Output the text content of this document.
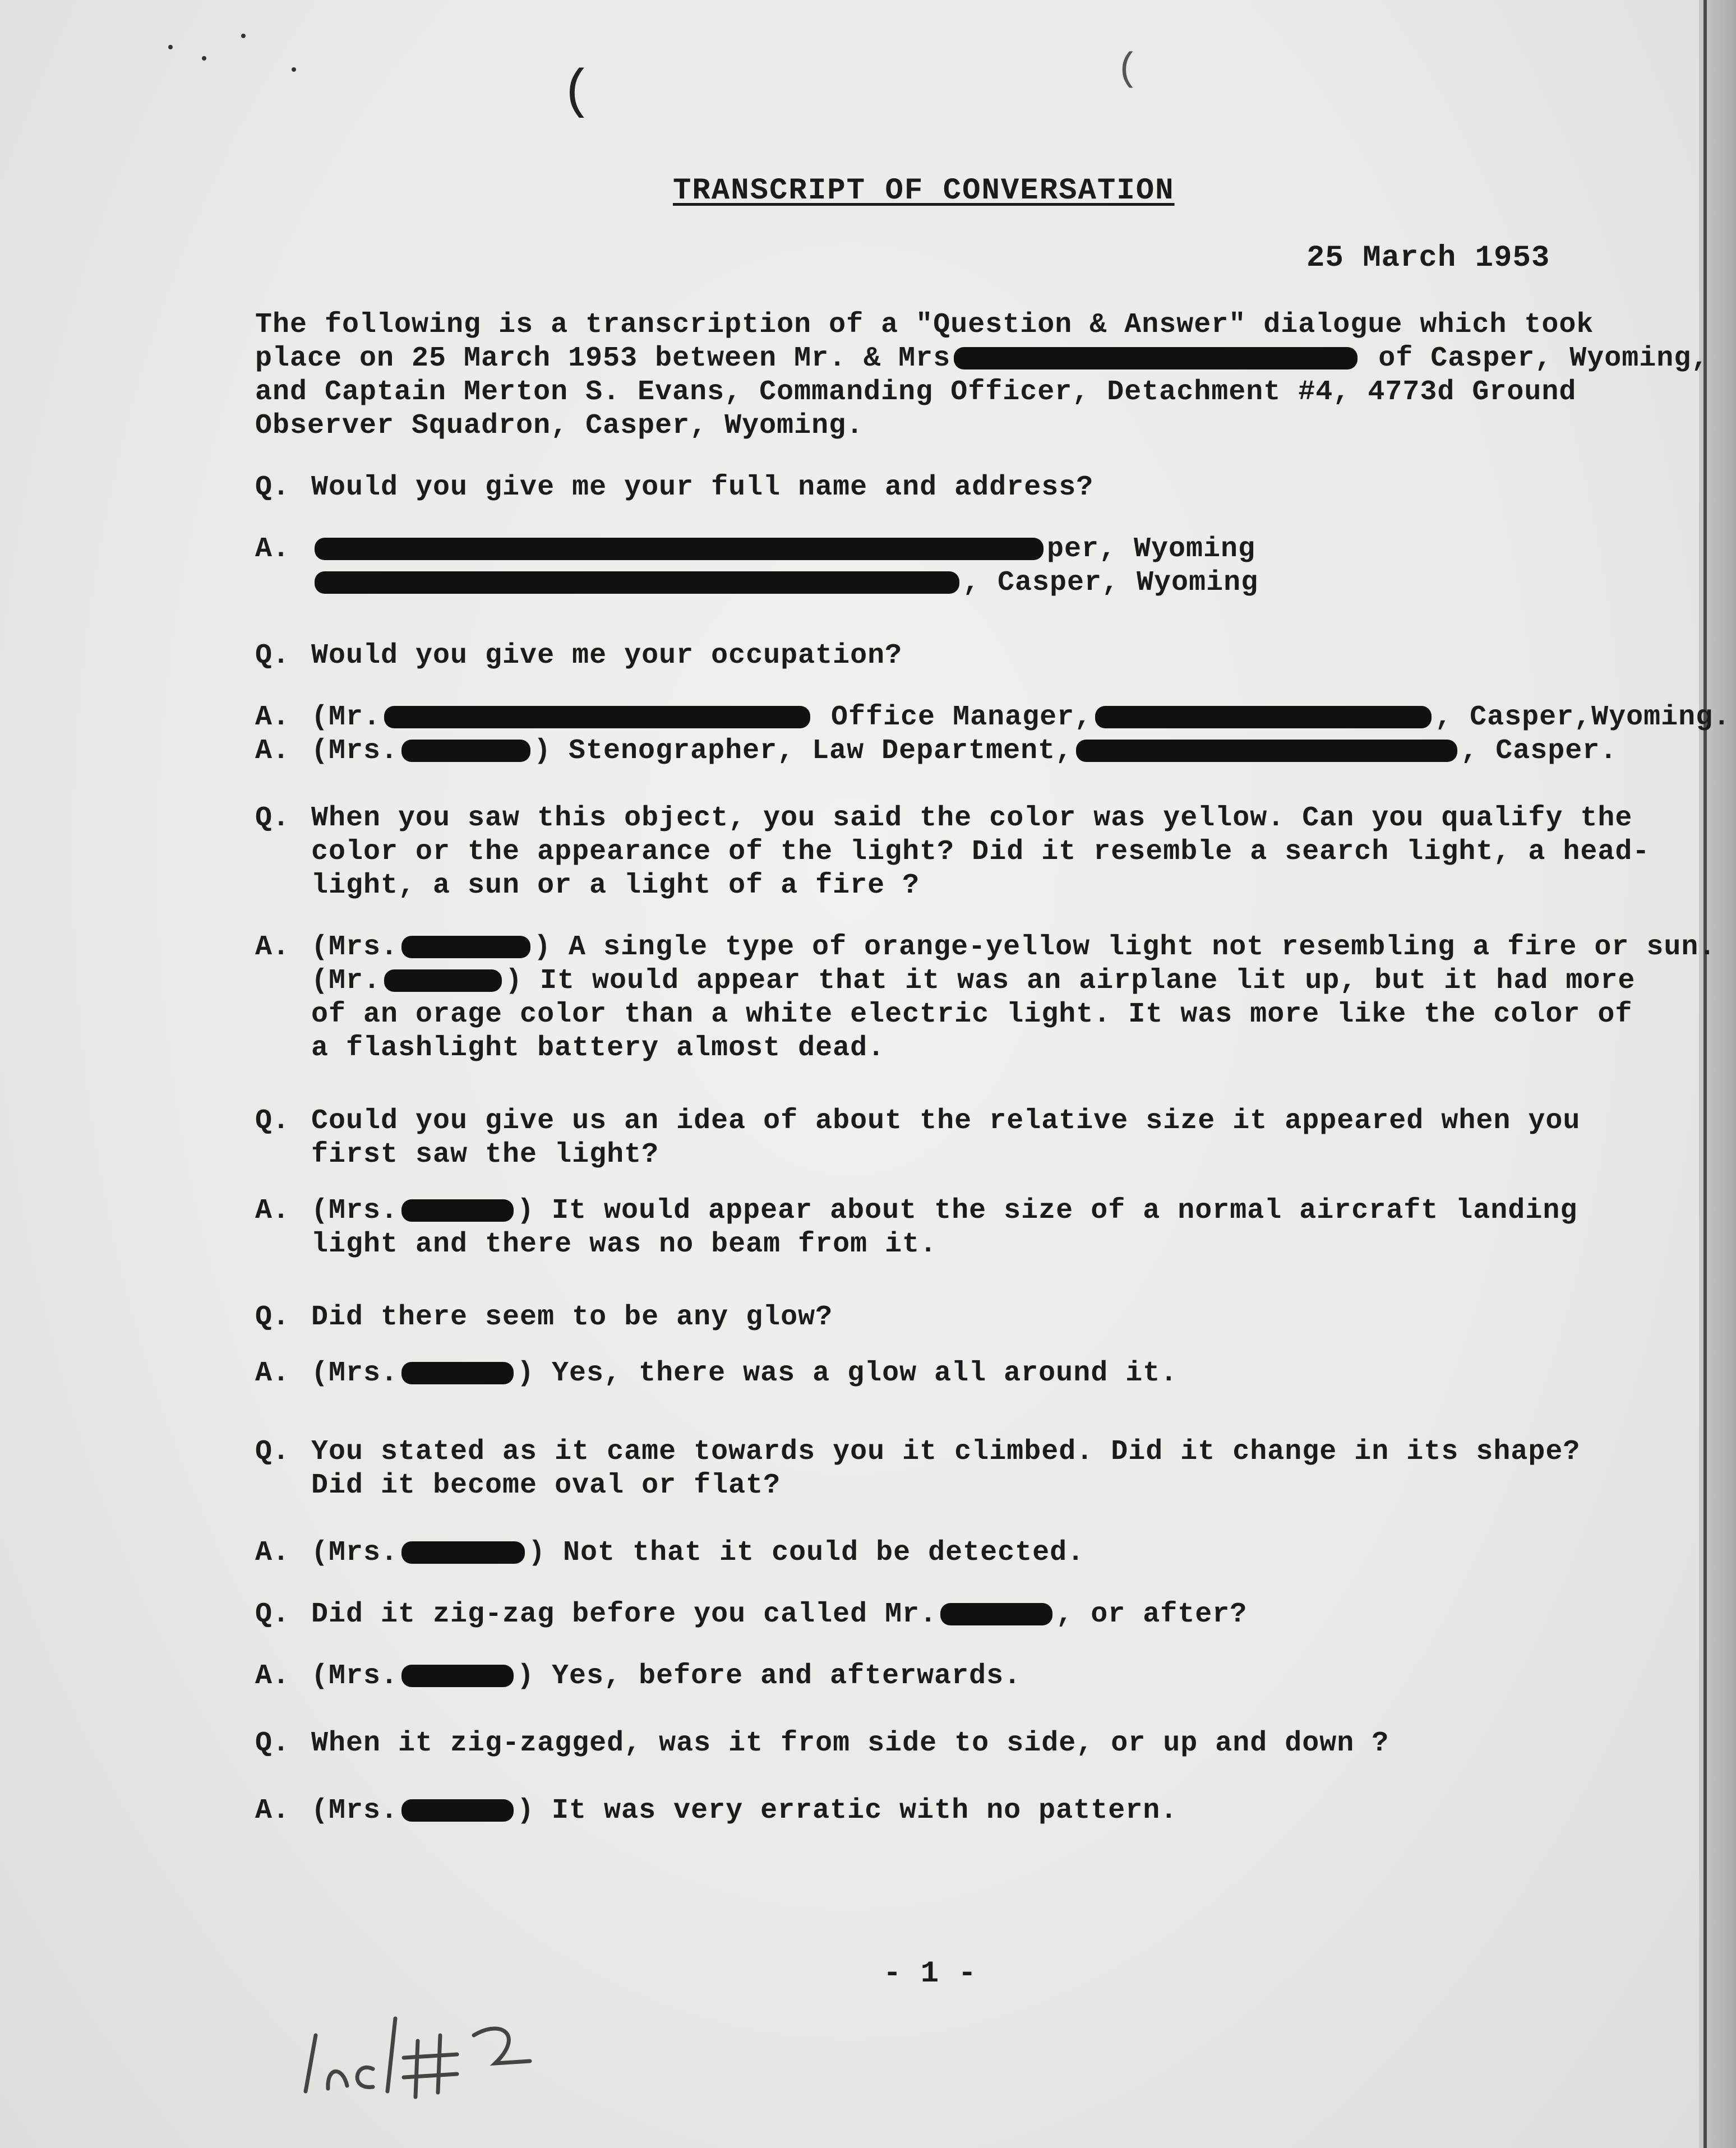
(	(
TRANSCRIPT OF CONVERSATION
25 March 1953
The following is a transcription of a "Question & Answer" dialogue which took
place on 25 March 1953 between Mr. & Mrs	of Casper, Wyoming,
and Captain Merton S. Evans, Commanding Officer, Detachment #4, 4773d Ground
Observer Squadron, Casper, Wyoming.
Q. Would you give me your full name and address?
A.	per, Wyoming
, Casper, Wyoming
Q. Would you give me your occupation?
A. (Mr.	Office Manager,	, Casper,Wyoming.
A. (Mrs.	) Stenographer, Law Department,	, Casper.
Q. When you saw this object, you said the color was yellow. Can you qualify the
color or the appearance of the light? Did it resemble a search light, a head-
light, a sun or a light of a fire ?
A. (Mrs.	) A single type of orange-yellow light not resembling a fire or sun.
(Mr.	) It would appear that it was an airplane lit up, but it had more
of an orage color than a white electric light. It was more like the color of
a flashlight battery almost dead.
Q. Could you give us an idea of about the relative size it appeared when you
first saw the light?
A. (Mrs.	) It would appear about the size of a normal aircraft landing
light and there was no beam from it.
Q. Did there seem to be any glow?
A. (Mrs.	) Yes, there was a glow all around it.
Q. You stated as it came towards you it climbed. Did it change in its shape?
Did it become oval or flat?
A. (Mrs.	) Not that it could be detected.
Q. Did it zig-zag before you called Mr.	, or after?
A. (Mrs.	) Yes, before and afterwards.
Q. When it zig-zagged, was it from side to side, or up and down ?
A. (Mrs.	) It was very erratic with no pattern.
- 1 -
